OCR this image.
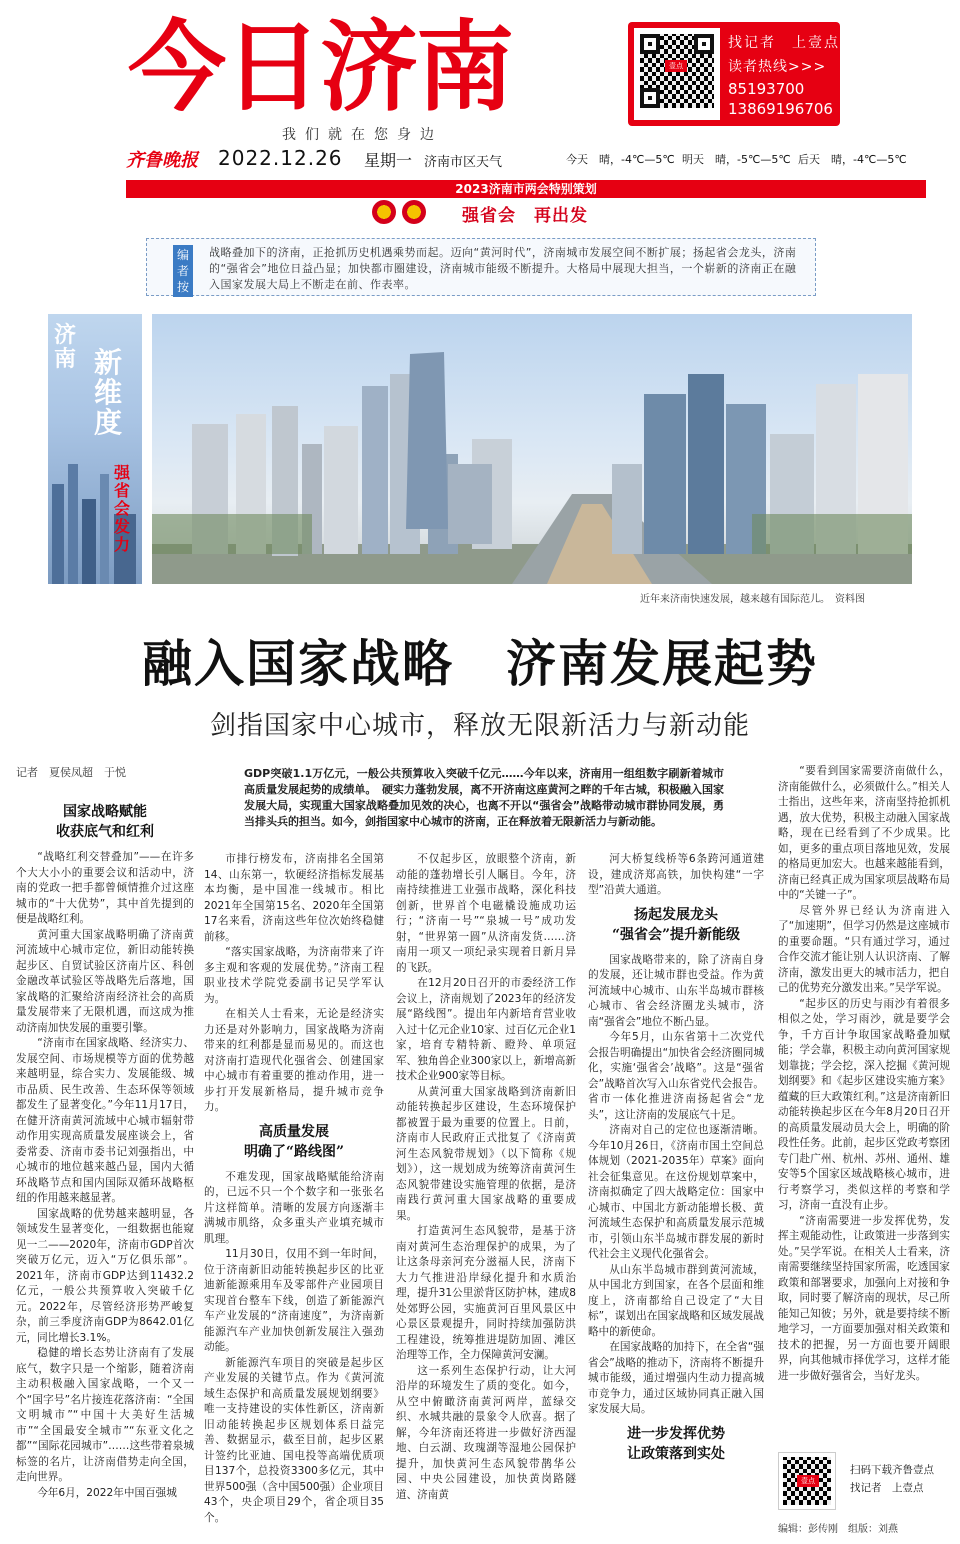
今日济南
我们就在您身边
壹点
找记者　上壹点
读者热线>>>
85193700
13869196706
齐鲁晚报 2022.12.26 星期一 济南市区天气	今天　 晴，-4℃—5℃ 明天　 晴，-5℃—5℃ 后天　 晴，-4℃—5℃
2023济南市两会特别策划
强省会　再出发
编者按
战略叠加下的济南，正抢抓历史机遇乘势而起。迈向“黄河时代”，济南城市发展空间不断扩展；扬起省会龙头，济南的“强省会”地位日益凸显；加快都市圈建设，济南城市能级不断提升。大格局中展现大担当，一个崭新的济南正在融入国家发展大局上不断走在前、作表率。
济南 新维度
强省会发力
近年来济南快速发展，越来越有国际范儿。　资料图
融入国家战略　济南发展起势
剑指国家中心城市，释放无限新活力与新动能
记者　夏侯凤超　于悦	GDP突破1.1万亿元，一般公共预算收入突破千亿元……今年以来，济南用一组组数字刷新着城市高质量发展起势的成绩单。　硬实力蓬勃发展，离不开济南这座黄河之畔的千年古城，积极融入国家发展大局，实现重大国家战略叠加见效的决心，也离不开以“强省会”战略带动城市群协同发展，勇当排头兵的担当。如今，剑指国家中心城市的济南，正在释放着无限新活力与新动能。
国家战略赋能
收获底气和红利

“战略红利交替叠加”——在许多个大大小小的重要会议和活动中，济南的党政一把手都曾倾情推介过这座城市的“十大优势”，其中首先提到的便是战略红利。

黄河重大国家战略明确了济南黄河流域中心城市定位，新旧动能转换起步区、自贸试验区济南片区、科创金融改革试验区等战略先后落地，国家战略的汇聚给济南经济社会的高质量发展带来了无限机遇，而这成为推动济南加快发展的重要引擎。

“济南市在国家战略、经济实力、发展空间、市场规模等方面的优势越来越明显，综合实力、发展能级、城市品质、民生改善、生态环保等领域都发生了显著变化。”今年11月17日，在健开济南黄河流域中心城市辐射带动作用实现高质量发展座谈会上，省委常委、济南市委书记刘强指出，中心城市的地位越来越凸显，国内大循环战略节点和国内国际双循环战略枢纽的作用越来越显著。

国家战略的优势越来越明显，各领域发生显著变化，一组数据也能窥见一二——2020年，济南市GDP首次突破万亿元，迈入“万亿俱乐部”。2021年，济南市GDP达到11432.2亿元，一般公共预算收入突破千亿元。2022年，尽管经济形势严峻复杂，前三季度济南GDP为8642.01亿元，同比增长3.1%。

稳健的增长态势让济南有了发展底气，数字只是一个缩影，随着济南主动积极融入国家战略，一个又一个“国字号”名片接连花落济南：“全国文明城市”“中国十大美好生活城市”“全国最安全城市”“东亚文化之都”“国际花园城市”……这些带着泉城标签的名片，让济南借势走向全国，走向世界。

今年6月，2022年中国百强城

市排行榜发布，济南排名全国第14、山东第一，软硬经济指标发展基本均衡，是中国准一线城市。相比2021年全国第15名、2020年全国第17名来看，济南这些年位次始终稳健前移。

“落实国家战略，为济南带来了许多主观和客观的发展优势。”济南工程职业技术学院党委副书记吴学军认为。

在相关人士看来，无论是经济实力还是对外影响力，国家战略为济南带来的红利都是显而易见的。而这也对济南打造现代化强省会、创建国家中心城市有着重要的推动作用，进一步打开发展新格局，提升城市竞争力。

高质量发展
明确了“路线图”

不难发现，国家战略赋能给济南的，已远不只一个个数字和一张张名片这样简单。清晰的发展方向逐渐丰满城市肌络，众多重头产业填充城市肌理。

11月30日，仅用不到一年时间，位于济南新旧动能转换起步区的比亚迪新能源乘用车及零部件产业园项目实现首台整车下线，创造了新能源汽车产业发展的“济南速度”，为济南新能源汽车产业加快创新发展注入强劲动能。

新能源汽车项目的突破是起步区产业发展的关键节点。作为《黄河流域生态保护和高质量发展规划纲要》唯一支持建设的实体性新区，济南新旧动能转换起步区规划体系日益完善、数据显示，截至目前，起步区累计签约比亚迪、国电投等高端优质项目137个，总投资3300多亿元，其中世界500强（含中国500强）企业项目43个，央企项目29个，省企项目35个。

不仅起步区，放眼整个济南，新动能的蓬勃增长引人瞩目。今年，济南持续推进工业强市战略，深化科技创新，世界首个电磁橇设施成功运行；“济南一号”“泉城一号”成功发射，“世界第一圆”从济南发货……济南用一项又一项纪录实现着日新月异的飞跃。

在12月20日召开的市委经济工作会议上，济南规划了2023年的经济发展“路线图”。提出年内新培育营业收入过十亿元企业10家、过百亿元企业1家，培育专精特新、瞪羚、单项冠军、独角兽企业300家以上，新增高新技术企业900家等目标。

从黄河重大国家战略到济南新旧动能转换起步区建设，生态环境保护都被置于最为重要的位置上。日前，济南市人民政府正式批复了《济南黄河生态风貌带规划》（以下简称《规划》），这一规划成为统筹济南黄河生态风貌带建设实施管理的依据，是济南践行黄河重大国家战略的重要成果。

打造黄河生态风貌带，是基于济南对黄河生态治理保护的成果，为了让这条母亲河充分滋福人民，济南下大力气推进沿岸绿化提升和水质治理，提升31公里淤背区防护林，建成8处郊野公园，实施黄河百里风景区中心景区景观提升，同时持续加强防洪工程建设，统筹推进堤防加固、滩区治理等工作，全力保障黄河安澜。

这一系列生态保护行动，让大河沿岸的环境发生了质的变化。如今，从空中俯瞰济南黄河两岸，蓝绿交织、水城共融的景象令人欣喜。据了解，今年济南还将进一步做好济西湿地、白云湖、玫瑰湖等湿地公园保护提升，加快黄河生态风貌带鹊华公园、中央公园建设，加快黄岗路隧道、济南黄

河大桥复线桥等6条跨河通道建设，建成济郑高铁，加快构建“一字型”沿黄大通道。

扬起发展龙头
“强省会”提升新能级

国家战略带来的，除了济南自身的发展，还让城市群也受益。作为黄河流域中心城市、山东半岛城市群核心城市、省会经济圈龙头城市，济南“强省会”地位不断凸显。

今年5月，山东省第十二次党代会报告明确提出“加快省会经济圈同城化，实施‘强省会’战略”。这是“强省会”战略首次写入山东省党代会报告。省市一体化推进济南扬起省会“龙头”，这让济南的发展底气十足。

济南对自己的定位也逐渐清晰。今年10月26日，《济南市国土空间总体规划（2021-2035年）草案》面向社会征集意见。在这份规划草案中，济南拟确定了四大战略定位：国家中心城市、中国北方新动能增长极、黄河流域生态保护和高质量发展示范城市，引领山东半岛城市群发展的新时代社会主义现代化强省会。

从山东半岛城市群到黄河流域，从中国北方到国家，在各个层面和维度上，济南都给自己设定了“大目标”，谋划出在国家战略和区域发展战略中的新使命。

在国家战略的加持下，在全省“强省会”战略的推动下，济南将不断提升城市能级，通过增强内生动力提高城市竞争力，通过区域协同真正融入国家发展大局。

进一步发挥优势
让政策落到实处

“要看到国家需要济南做什么，济南能做什么，必须做什么。”相关人士指出，这些年来，济南坚持抢抓机遇，放大优势，积极主动融入国家战略，现在已经看到了不少成果。比如，更多的重点项目落地见效，发展的格局更加宏大。也越来越能看到，济南已经真正成为国家项层战略布局中的“关键一子”。

尽管外界已经认为济南进入了“加速期”，但学习仍然是这座城市的重要命题。“只有通过学习，通过合作交流才能让别人认识济南、了解济南，激发出更大的城市活力，把自己的优势充分激发出来。”吴学军说。

“起步区的历史与雨沙有着很多相似之处，学习雨沙，就是要学会争，千方百计争取国家战略叠加赋能；学会靠，积极主动向黄河国家规划靠拢；学会挖，深入挖掘《黄河规划纲要》和《起步区建设实施方案》蕴藏的巨大政策红利。”这是济南新旧动能转换起步区在今年8月20日召开的高质量发展动员大会上，明确的阶段性任务。此前，起步区党政考察团专门赴广州、杭州、苏州、通州、雄安等5个国家区域战略核心城市，进行考察学习，类似这样的考察和学习，济南一直没有止步。

“济南需要进一步发挥优势，发挥主观能动性，让政策进一步落到实处。”吴学军说。在相关人士看来，济南需要继续坚持国家所需，吃透国家政策和部署要求，加强向上对接和争取，同时要了解济南的现状，尽己所能知己知彼；另外，就是要持续不断地学习，一方面要加强对相关政策和技术的把握，另一方面也要开阔眼界，向其他城市择优学习，这样才能进一步做好强省会，当好龙头。

壹点
扫码下载齐鲁壹点
找记者　上壹点
编辑：彭传刚　组版：刘燕
